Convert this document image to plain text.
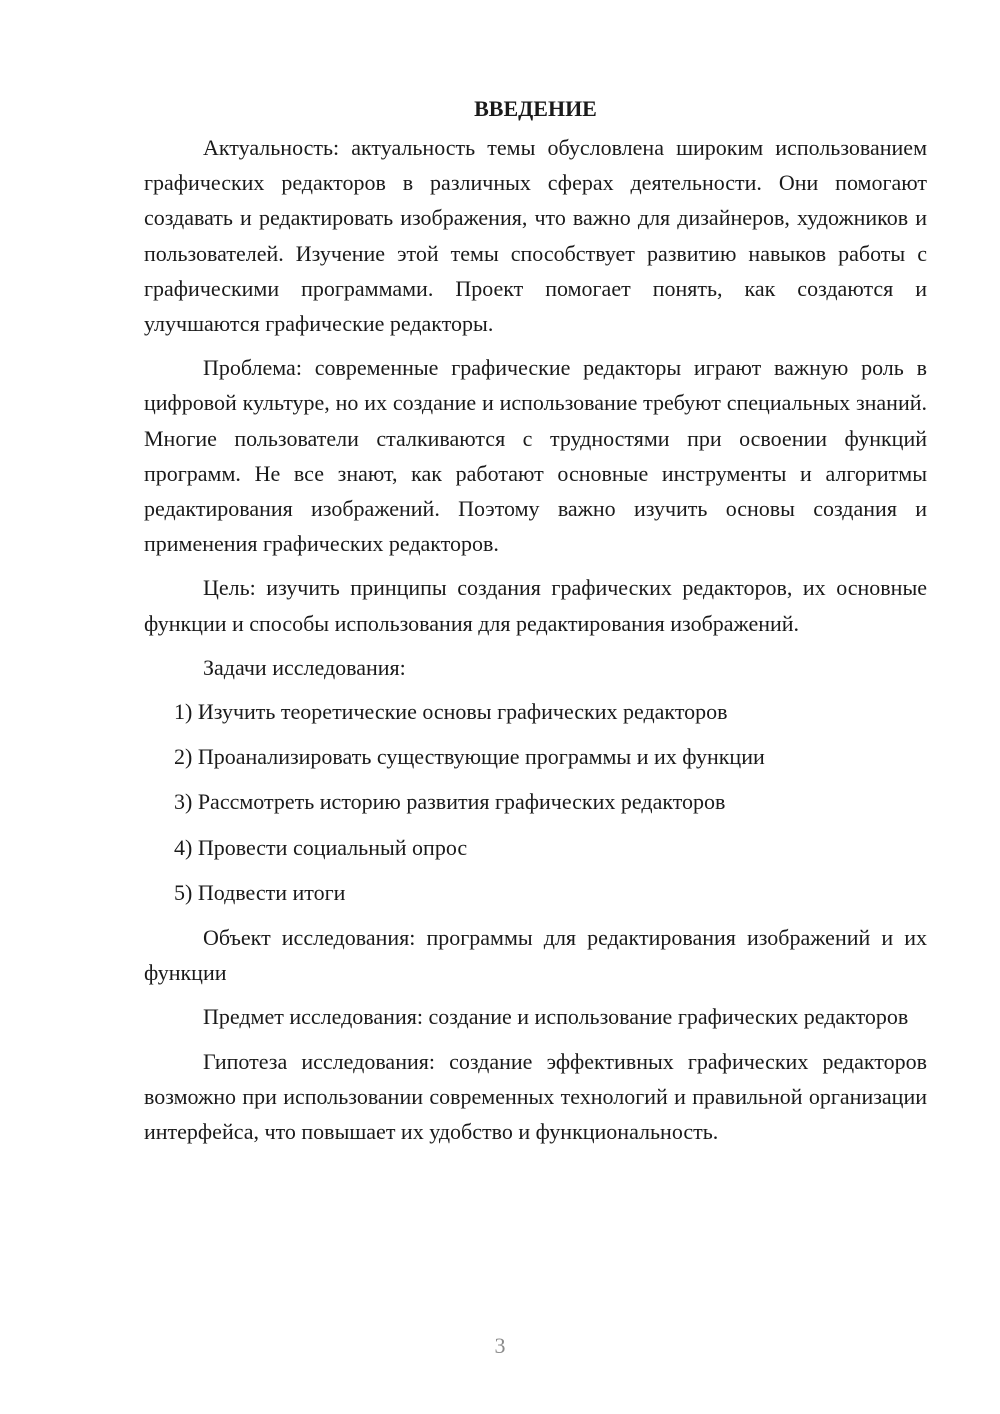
ВВЕДЕНИЕ

Актуальность: актуальность темы обусловлена широким использованием графических редакторов в различных сферах деятельности. Они помогают создавать и редактировать изображения, что важно для дизайнеров, художников и пользователей. Изучение этой темы способствует развитию навыков работы с графическими программами. Проект помогает понять, как создаются и улучшаются графические редакторы.

Проблема: современные графические редакторы играют важную роль в цифровой культуре, но их создание и использование требуют специальных знаний. Многие пользователи сталкиваются с трудностями при освоении функций программ. Не все знают, как работают основные инструменты и алгоритмы редактирования изображений. Поэтому важно изучить основы создания и применения графических редакторов.

Цель: изучить принципы создания графических редакторов, их основные функции и способы использования для редактирования изображений.

Задачи исследования:

1) Изучить теоретические основы графических редакторов
2) Проанализировать существующие программы и их функции
3) Рассмотреть историю развития графических редакторов
4) Провести социальный опрос
5) Подвести итоги

Объект исследования: программы для редактирования изображений и их функции

Предмет исследования: создание и использование графических редакторов

Гипотеза исследования: создание эффективных графических редакторов возможно при использовании современных технологий и правильной организации интерфейса, что повышает их удобство и функциональность.

3
